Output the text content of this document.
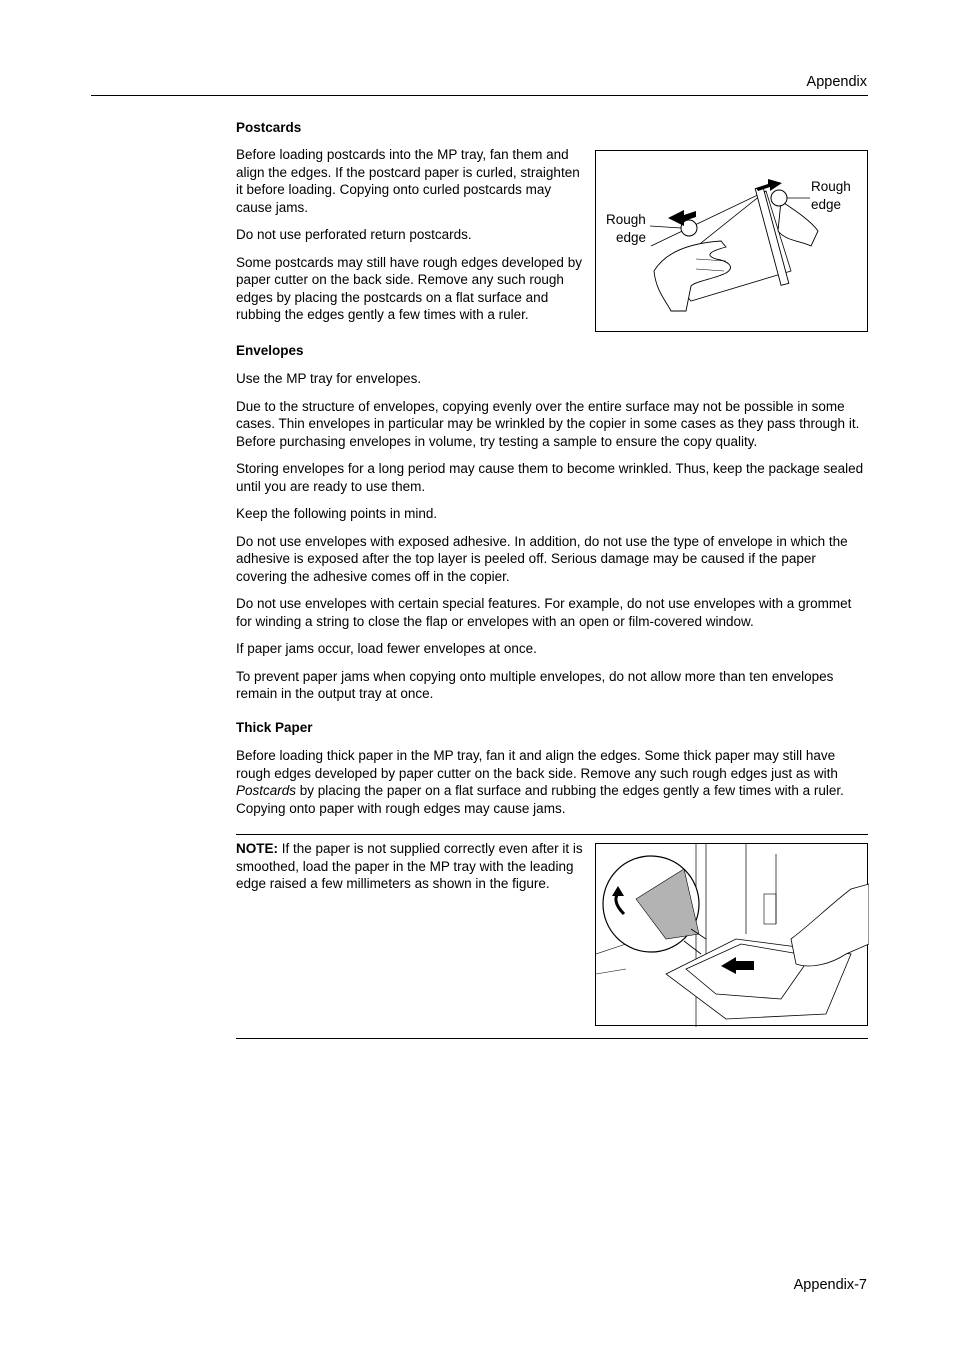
Appendix
Postcards

Before loading postcards into the MP tray, fan them and align the edges. If the postcard paper is curled, straighten it before loading. Copying onto curled postcards may cause jams.

Do not use perforated return postcards.

Some postcards may still have rough edges developed by paper cutter on the back side. Remove any such rough edges by placing the postcards on a flat surface and rubbing the edges gently a few times with a ruler.

Rough
edge
Rough
edge
Envelopes

Use the MP tray for envelopes.

Due to the structure of envelopes, copying evenly over the entire surface may not be possible in some cases. Thin envelopes in particular may be wrinkled by the copier in some cases as they pass through it. Before purchasing envelopes in volume, try testing a sample to ensure the copy quality.

Storing envelopes for a long period may cause them to become wrinkled. Thus, keep the package sealed until you are ready to use them.

Keep the following points in mind.

Do not use envelopes with exposed adhesive. In addition, do not use the type of envelope in which the adhesive is exposed after the top layer is peeled off. Serious damage may be caused if the paper covering the adhesive comes off in the copier.

Do not use envelopes with certain special features. For example, do not use envelopes with a grommet for winding a string to close the flap or envelopes with an open or film-covered window.

If paper jams occur, load fewer envelopes at once.

To prevent paper jams when copying onto multiple envelopes, do not allow more than ten envelopes remain in the output tray at once.

Thick Paper

Before loading thick paper in the MP tray, fan it and align the edges. Some thick paper may still have rough edges developed by paper cutter on the back side. Remove any such rough edges just as with Postcards by placing the paper on a flat surface and rubbing the edges gently a few times with a ruler. Copying onto paper with rough edges may cause jams.

NOTE: If the paper is not supplied correctly even after it is smoothed, load the paper in the MP tray with the leading edge raised a few millimeters as shown in the figure.

Appendix-7
